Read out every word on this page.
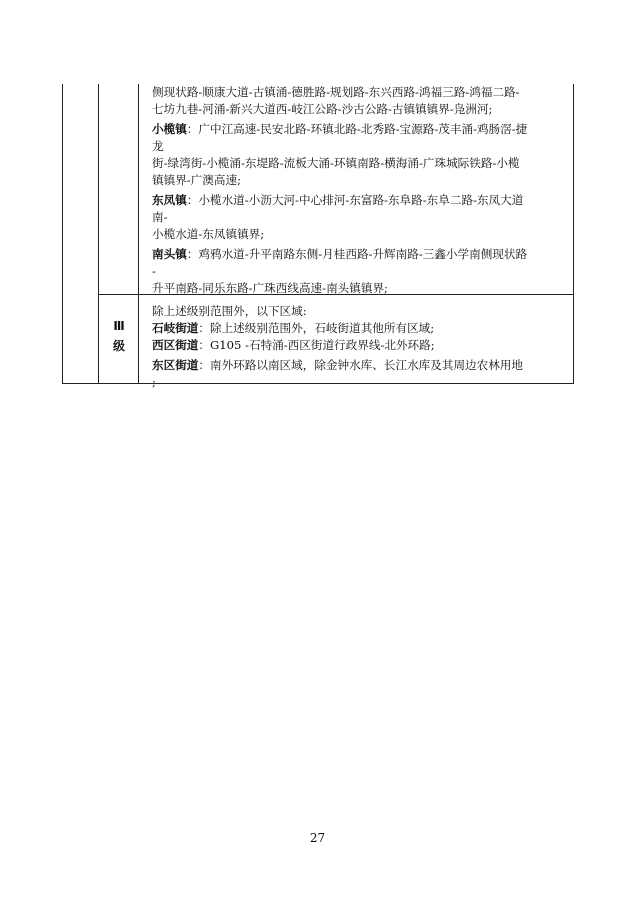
侧现状路-顺康大道-古镇涌-德胜路-规划路-东兴西路-鸿福三路-鸿福二路-
七坊九巷-河涌-新兴大道西-岐江公路-沙古公路-古镇镇镇界-凫洲河;
小榄镇：广中江高速-民安北路-环镇北路-北秀路-宝源路-茂丰涌-鸡肠滘-捷
龙
街-绿湾街-小榄涌-东堤路-流板大涌-环镇南路-横海涌-广珠城际铁路-小榄
镇镇界-广澳高速;
东凤镇：小榄水道-小沥大河-中心排河-东富路-东阜路-东阜二路-东凤大道
南-
小榄水道-东凤镇镇界;
南头镇：鸡鸦水道-升平南路东侧-月桂西路-升辉南路-三鑫小学南侧现状路
-
升平南路-同乐东路-广珠西线高速-南头镇镇界;
除上述级别范围外，以下区域:
石岐街道：除上述级别范围外，石岐街道其他所有区域;
西区街道：G105 -石特涌-西区街道行政界线-北外环路;
东区街道：南外环路以南区域，除金钟水库、长江水库及其周边农林用地
;
Ⅲ
级
27
